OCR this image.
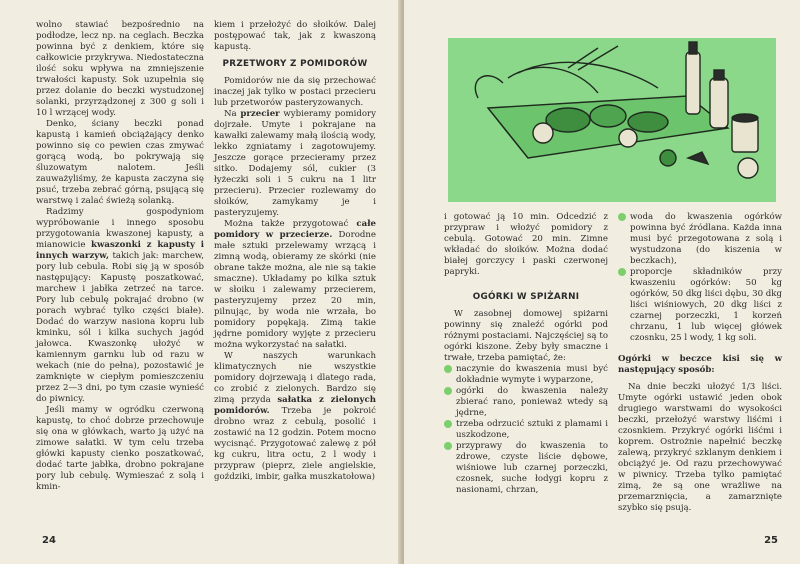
wolno stawiać bezpośrednio na podłodze, lecz np. na ceglach. Beczka powinna być z denkiem, które się całkowicie przykrywa. Niedostateczna ilość soku wpływa na zmniejszenie trwałości kapusty. Sok uzupełnia się przez dolanie do beczki wystudzonej solanki, przyrządzonej z 300 g soli i 10 l wrzącej wody.

Denko, ściany beczki ponad kapustą i kamień obciążający denko powinno się co pewien czas zmywać gorącą wodą, bo pokrywają się śluzowatym nalotem. Jeśli zauważyliśmy, że kapusta zaczyna się psuć, trzeba zebrać górną, psującą się warstwę i zalać świeżą solanką.

Radzimy gospodyniom wypróbowanie i innego sposobu przygotowania kwaszonej kapusty, a mianowicie kwaszonki z kapusty i innych warzyw, takich jak: marchew, pory lub cebula. Robi się ją w sposób następujący: Kapustę poszatkować, marchew i jabłka zetrzeć na tarce. Pory lub cebulę pokrajać drobno (w porach wybrać tylko części białe). Dodać do warzyw nasiona kopru lub kminku, sól i kilka suchych jagód jałowca. Kwaszonkę ułożyć w kamiennym garnku lub od razu w wekach (nie do pełna), pozostawić je zamknięte w ciepłym pomieszczeniu przez 2—3 dni, po tym czasie wynieść do piwnicy.

Jeśli mamy w ogródku czerwoną kapustę, to choć dobrze przechowuje się ona w główkach, warto ją użyć na zimowe sałatki. W tym celu trzeba główki kapusty cienko poszatkować, dodać tarte jabłka, drobno pokrajane pory lub cebulę. Wymieszać z solą i kmin-

kiem i przełożyć do słoików. Dalej postępować tak, jak z kwaszoną kapustą.

PRZETWORY Z POMIDORÓW

Pomidorów nie da się przechować inaczej jak tylko w postaci przecieru lub przetworów pasteryzowanych.

Na przecier wybieramy pomidory dojrzałe. Umyte i pokrajane na kawałki zalewamy małą ilością wody, lekko zgniatamy i zagotowujemy. Jeszcze gorące przecieramy przez sitko. Dodajemy sól, cukier (3 łyżeczki soli i 5 cukru na 1 litr przecieru). Przecier rozlewamy do słoików, zamykamy je i pasteryzujemy.

Można także przygotować całe pomidory w przecierze. Dorodne małe sztuki przelewamy wrzącą i zimną wodą, obieramy ze skórki (nie obrane także można, ale nie są takie smaczne). Układamy po kilka sztuk w słoiku i zalewamy przecierem, pasteryzujemy przez 20 min, pilnując, by woda nie wrzała, bo pomidory popękają. Zimą takie jędrne pomidory wyjęte z przecieru można wykorzystać na sałatki.

W naszych warunkach klimatycznych nie wszystkie pomidory dojrzewają i dlatego rada, co zrobić z zielonych. Bardzo się zimą przyda sałatka z zielonych pomidorów. Trzeba je pokroić drobno wraz z cebulą, posolić i zostawić na 12 godzin. Potem mocno wycisnąć. Przygotować zalewę z pół kg cukru, litra octu, 2 l wody i przypraw (pieprz, ziele angielskie, goździki, imbir, gałka muszkatołowa)

24

i gotować ją 10 min. Odcedzić z przypraw i włożyć pomidory z cebulą. Gotować 20 min. Zimne wkładać do słoików. Można dodać białej gorczycy i paski czerwonej papryki.

OGÓRKI W SPIŻARNI

W zasobnej domowej spiżarni powinny się znaleźć ogórki pod różnymi postaciami. Najczęściej są to ogórki kiszone. Żeby były smaczne i trwałe, trzeba pamiętać, że:

naczynie do kwaszenia musi być dokładnie wymyte i wyparzone,
ogórki do kwaszenia należy zbierać rano, ponieważ wtedy są jędrne,
trzeba odrzucić sztuki z plamami i uszkodzone,
przyprawy do kwaszenia to zdrowe, czyste liście dębowe, wiśniowe lub czarnej porzeczki, czosnek, suche łodygi kopru z nasionami, chrzan,
woda do kwaszenia ogórków powinna być źródlana. Każda inna musi być przegotowana z solą i wystudzona (do kiszenia w beczkach),
proporcje składników przy kwaszeniu ogórków: 50 kg ogórków, 50 dkg liści dębu, 30 dkg liści wiśniowych, 20 dkg liści z czarnej porzeczki, 1 korzeń chrzanu, 1 lub więcej główek czosnku, 25 l wody, 1 kg soli.

Ogórki w beczce kisi się w następujący sposób:

Na dnie beczki ułożyć 1/3 liści. Umyte ogórki ustawić jeden obok drugiego warstwami do wysokości beczki, przełożyć warstwy liśćmi i czosnkiem. Przykryć ogórki liśćmi i koprem. Ostrożnie napełnić beczkę zalewą, przykryć szklanym denkiem i obciążyć je. Od razu przechowywać w piwnicy. Trzeba tylko pamiętać zimą, że są one wrażliwe na przemarznięcia, a zamarznięte szybko się psują.

25
